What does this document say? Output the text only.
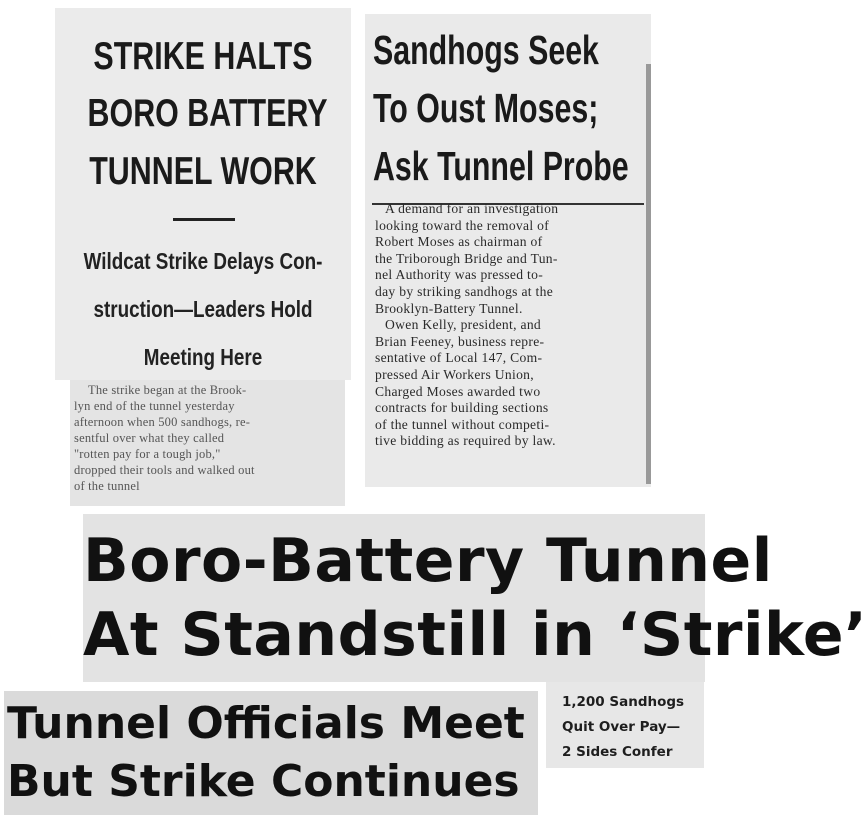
STRIKE HALTS
BORO BATTERY
TUNNEL WORK
Wildcat Strike Delays Con-
struction—Leaders Hold
Meeting Here
The strike began at the Brook-
lyn end of the tunnel yesterday
afternoon when 500 sandhogs, re-
sentful over what they called
"rotten pay for a tough job,"
dropped their tools and walked out
of the tunnel
Sandhogs Seek
To Oust Moses;
Ask Tunnel Probe
A demand for an investigation
looking toward the removal of
Robert Moses as chairman of
the Triborough Bridge and Tun-
nel Authority was pressed to-
day by striking sandhogs at the
Brooklyn-Battery Tunnel.
Owen Kelly, president, and
Brian Feeney, business repre-
sentative of Local 147, Com-
pressed Air Workers Union,
Charged Moses awarded two
contracts for building sections
of the tunnel without competi-
tive bidding as required by law.
Boro-Battery Tunnel
At Standstill in ‘Strike’
Tunnel Officials Meet
But Strike Continues
1,200 Sandhogs
Quit Over Pay—
2 Sides Confer
